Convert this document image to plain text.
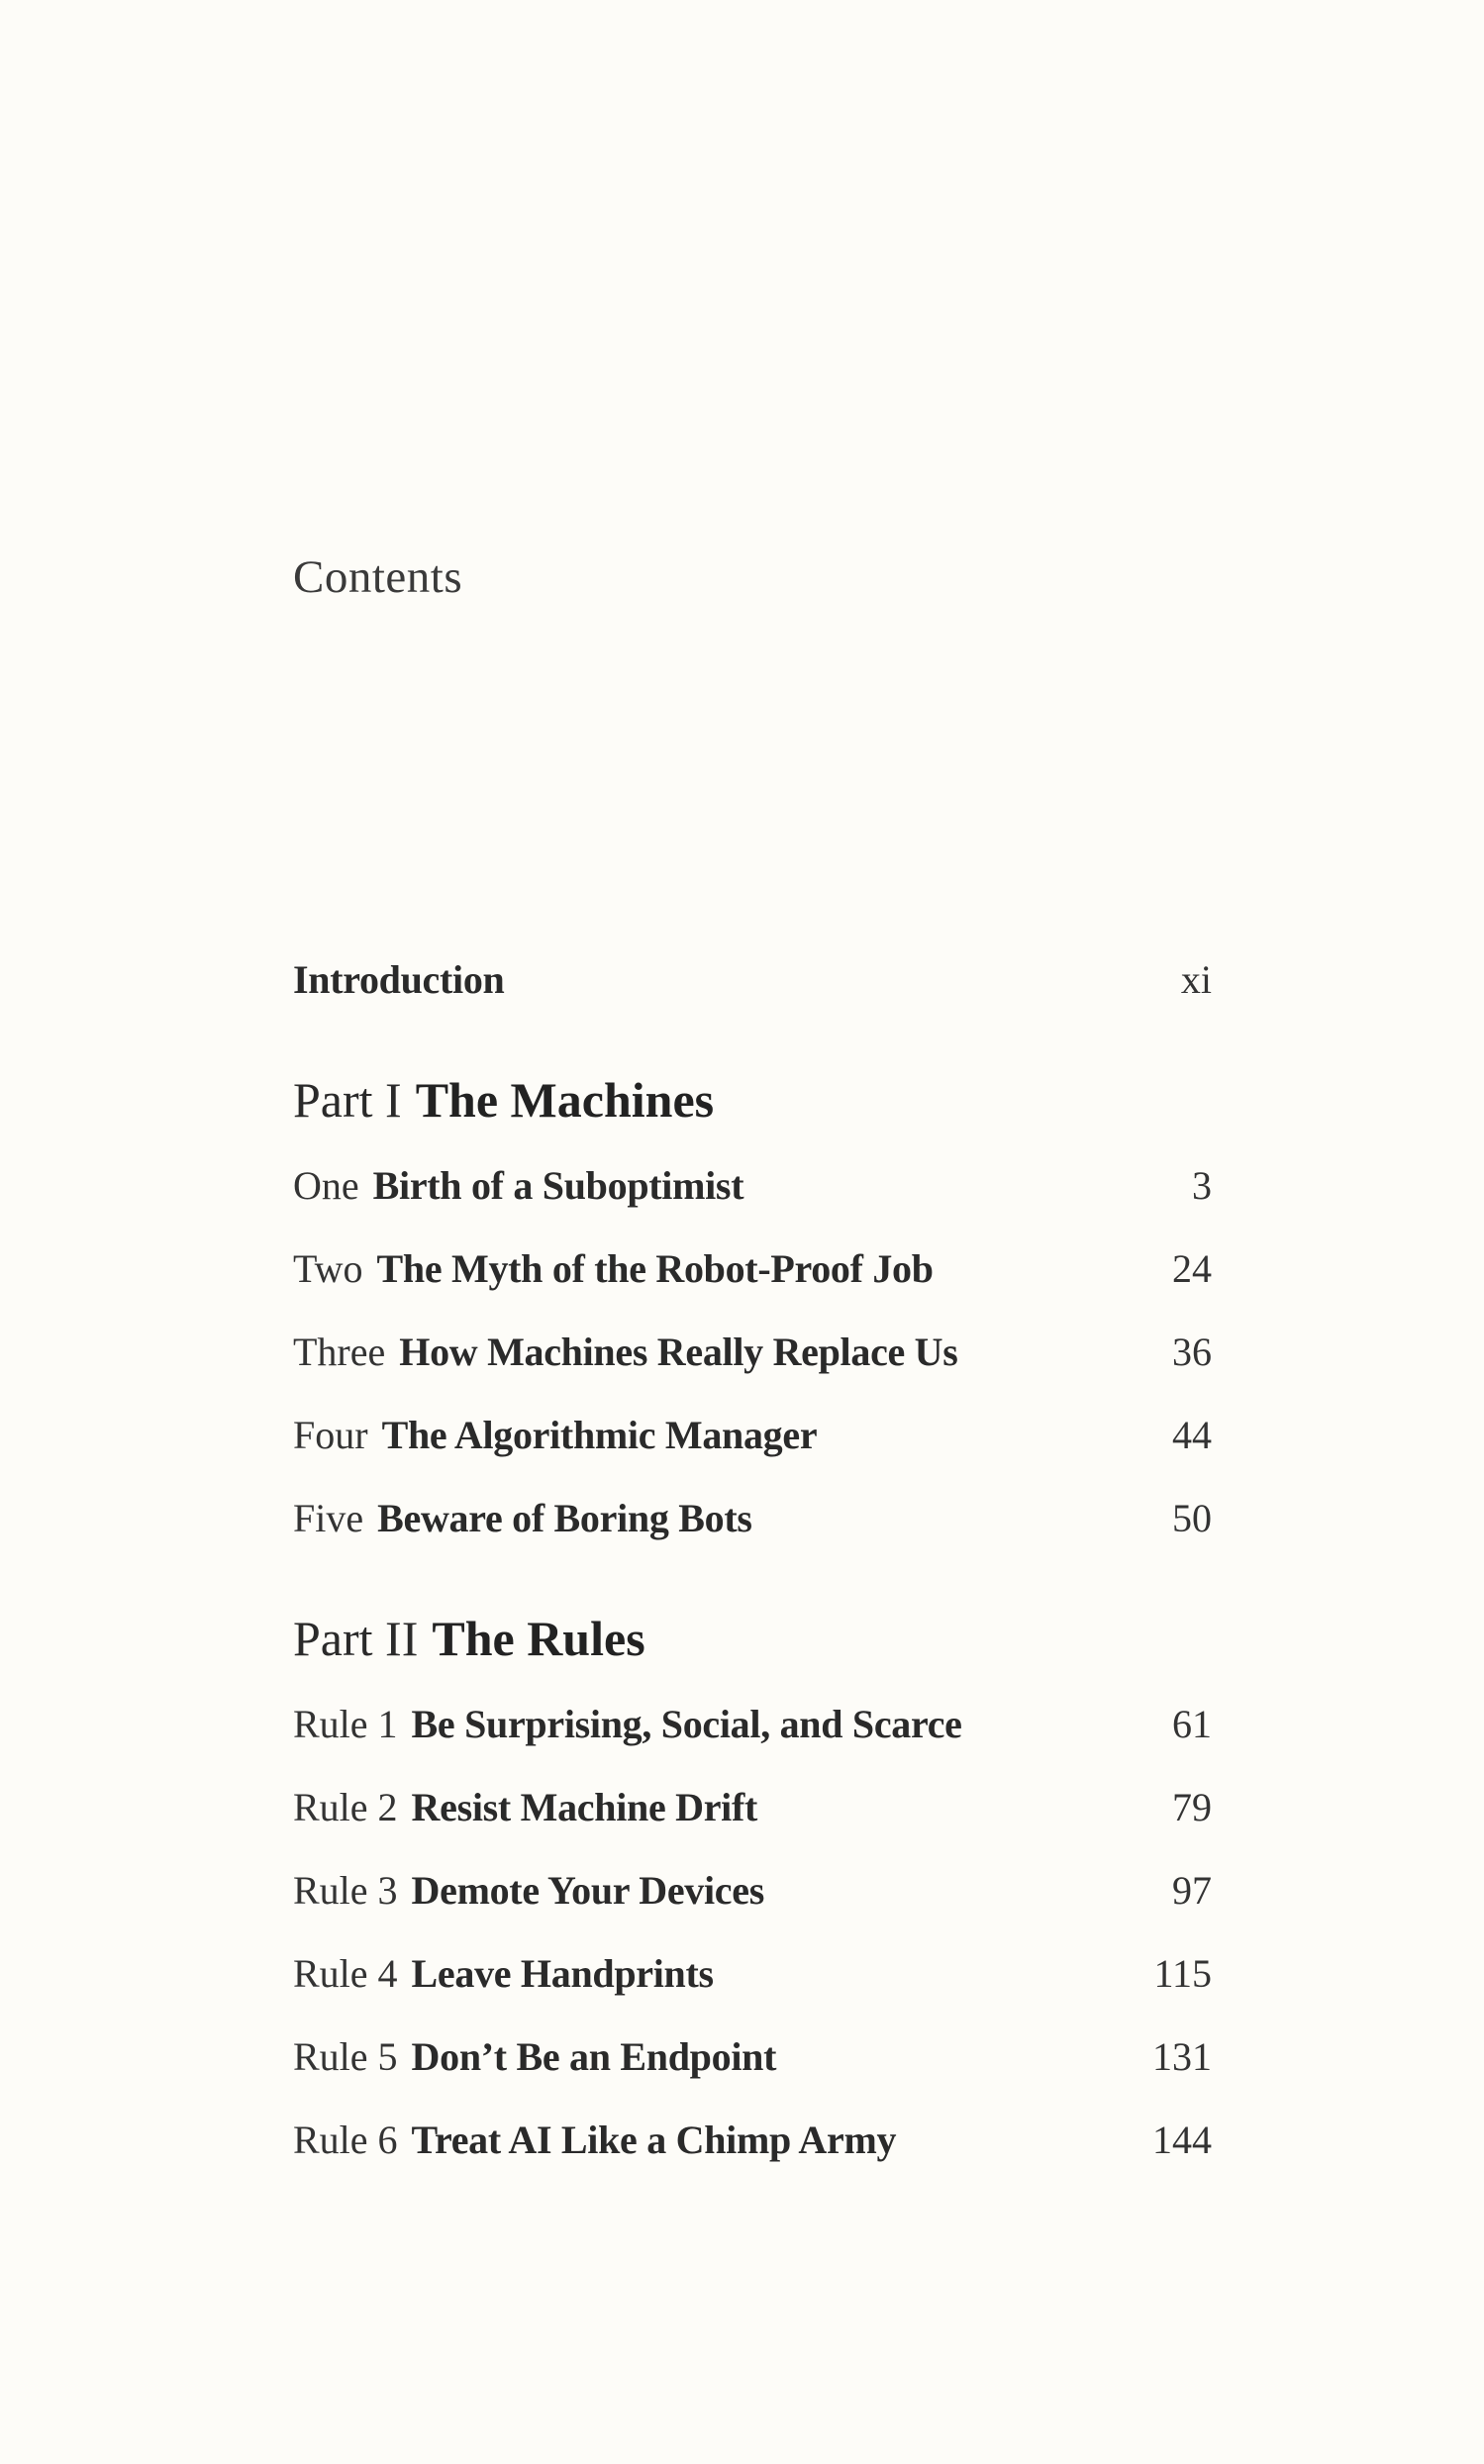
Contents
Introduction	xi
Part I The Machines
One Birth of a Suboptimist	3
Two The Myth of the Robot-Proof Job	24
Three How Machines Really Replace Us	36
Four The Algorithmic Manager	44
Five Beware of Boring Bots	50
Part II The Rules
Rule 1 Be Surprising, Social, and Scarce	61
Rule 2 Resist Machine Drift	79
Rule 3 Demote Your Devices	97
Rule 4 Leave Handprints	115
Rule 5 Don’t Be an Endpoint	131
Rule 6 Treat AI Like a Chimp Army	144
